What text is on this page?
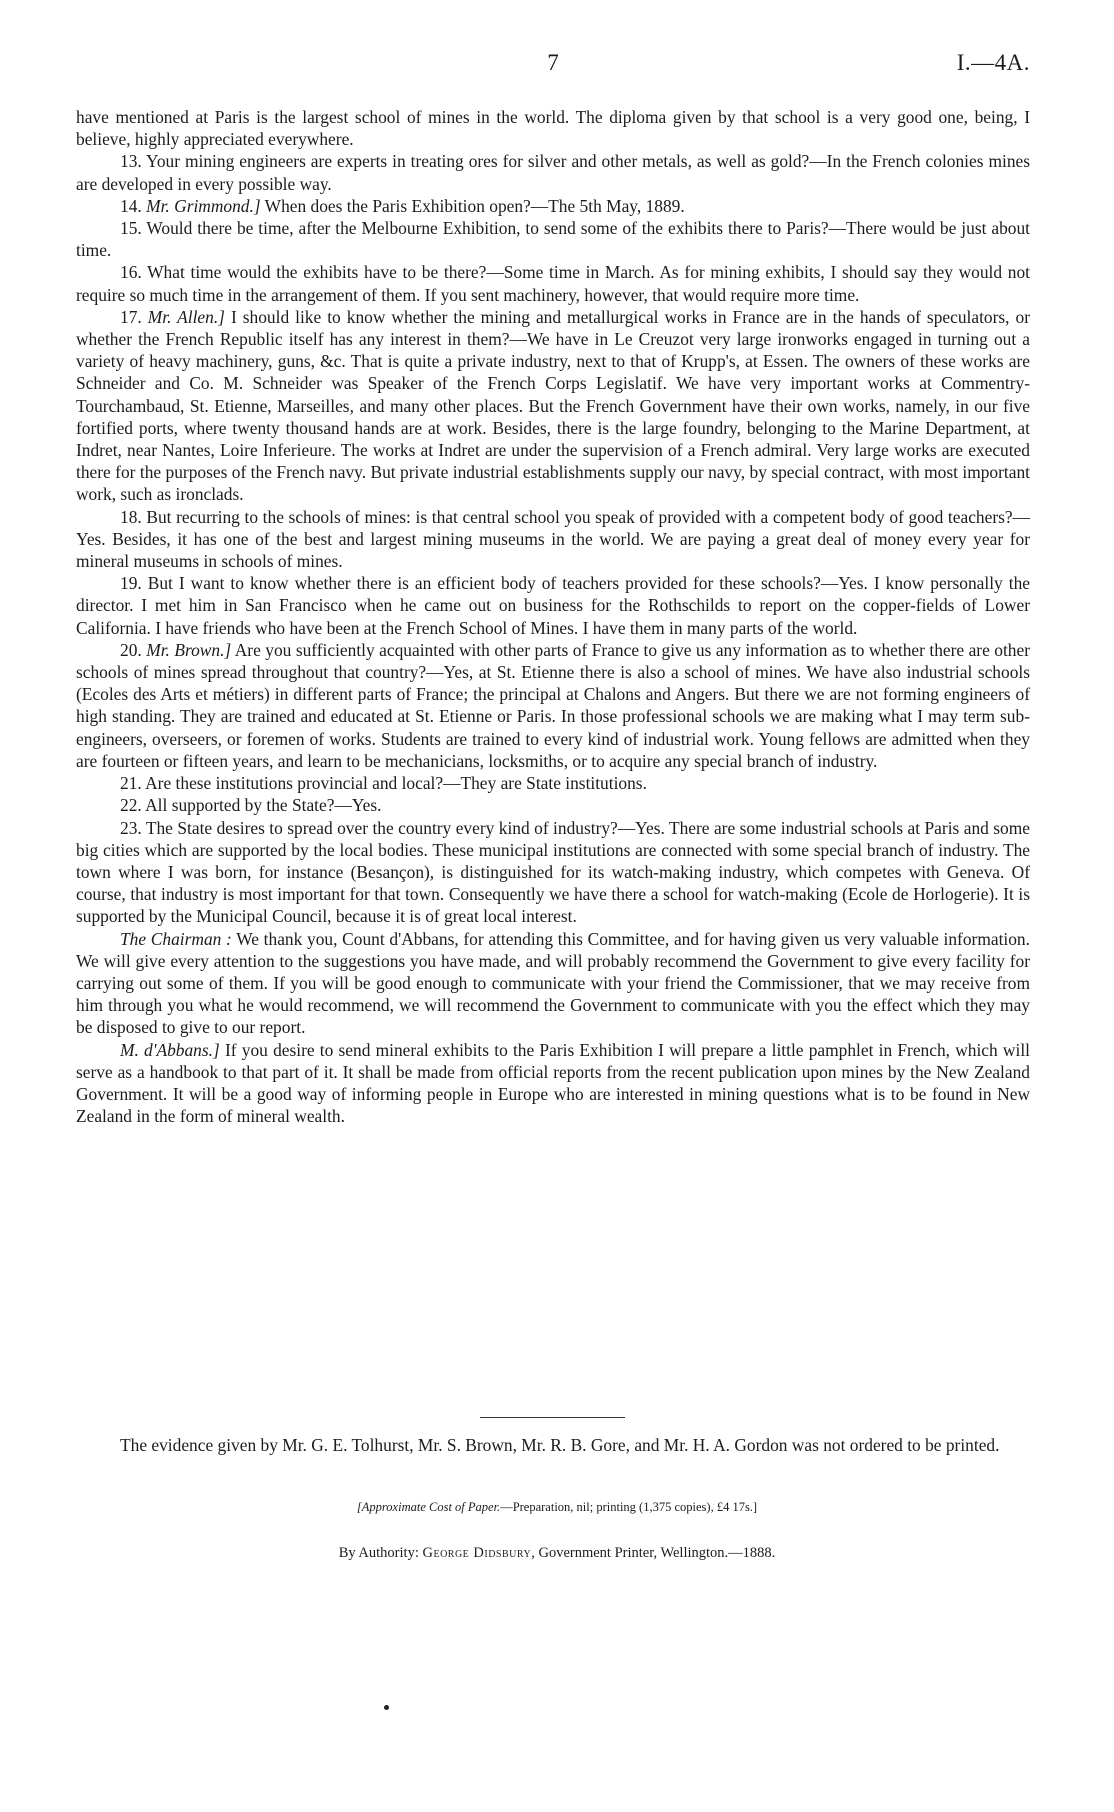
7	I.—4A.

have mentioned at Paris is the largest school of mines in the world. The diploma given by that school is a very good one, being, I believe, highly appreciated everywhere.

13. Your mining engineers are experts in treating ores for silver and other metals, as well as gold?—In the French colonies mines are developed in every possible way.

14. Mr. Grimmond.] When does the Paris Exhibition open?—The 5th May, 1889.

15. Would there be time, after the Melbourne Exhibition, to send some of the exhibits there to Paris?—There would be just about time.

16. What time would the exhibits have to be there?—Some time in March. As for mining exhibits, I should say they would not require so much time in the arrangement of them. If you sent machinery, however, that would require more time.

17. Mr. Allen.] I should like to know whether the mining and metallurgical works in France are in the hands of speculators, or whether the French Republic itself has any interest in them?—We have in Le Creuzot very large ironworks engaged in turning out a variety of heavy machinery, guns, &c. That is quite a private industry, next to that of Krupp's, at Essen. The owners of these works are Schneider and Co. M. Schneider was Speaker of the French Corps Legislatif. We have very important works at Commentry-Tourchambaud, St. Etienne, Marseilles, and many other places. But the French Government have their own works, namely, in our five fortified ports, where twenty thousand hands are at work. Besides, there is the large foundry, belonging to the Marine Department, at Indret, near Nantes, Loire Inferieure. The works at Indret are under the supervision of a French admiral. Very large works are executed there for the purposes of the French navy. But private industrial establishments supply our navy, by special contract, with most important work, such as ironclads.

18. But recurring to the schools of mines: is that central school you speak of provided with a competent body of good teachers?—Yes. Besides, it has one of the best and largest mining museums in the world. We are paying a great deal of money every year for mineral museums in schools of mines.

19. But I want to know whether there is an efficient body of teachers provided for these schools?—Yes. I know personally the director. I met him in San Francisco when he came out on business for the Rothschilds to report on the copper-fields of Lower California. I have friends who have been at the French School of Mines. I have them in many parts of the world.

20. Mr. Brown.] Are you sufficiently acquainted with other parts of France to give us any information as to whether there are other schools of mines spread throughout that country?—Yes, at St. Etienne there is also a school of mines. We have also industrial schools (Ecoles des Arts et métiers) in different parts of France; the principal at Chalons and Angers. But there we are not forming engineers of high standing. They are trained and educated at St. Etienne or Paris. In those professional schools we are making what I may term sub-engineers, overseers, or foremen of works. Students are trained to every kind of industrial work. Young fellows are admitted when they are fourteen or fifteen years, and learn to be mechanicians, locksmiths, or to acquire any special branch of industry.

21. Are these institutions provincial and local?—They are State institutions.

22. All supported by the State?—Yes.

23. The State desires to spread over the country every kind of industry?—Yes. There are some industrial schools at Paris and some big cities which are supported by the local bodies. These municipal institutions are connected with some special branch of industry. The town where I was born, for instance (Besançon), is distinguished for its watch-making industry, which competes with Geneva. Of course, that industry is most important for that town. Consequently we have there a school for watch-making (Ecole de Horlogerie). It is supported by the Municipal Council, because it is of great local interest.

The Chairman : We thank you, Count d'Abbans, for attending this Committee, and for having given us very valuable information. We will give every attention to the suggestions you have made, and will probably recommend the Government to give every facility for carrying out some of them. If you will be good enough to communicate with your friend the Commissioner, that we may receive from him through you what he would recommend, we will recommend the Government to communicate with you the effect which they may be disposed to give to our report.

M. d'Abbans.] If you desire to send mineral exhibits to the Paris Exhibition I will prepare a little pamphlet in French, which will serve as a handbook to that part of it. It shall be made from official reports from the recent publication upon mines by the New Zealand Government. It will be a good way of informing people in Europe who are interested in mining questions what is to be found in New Zealand in the form of mineral wealth.

The evidence given by Mr. G. E. Tolhurst, Mr. S. Brown, Mr. R. B. Gore, and Mr. H. A. Gordon was not ordered to be printed.
[Approximate Cost of Paper.—Preparation, nil; printing (1,375 copies), £4 17s.]
By Authority: George Didsbury, Government Printer, Wellington.—1888.
